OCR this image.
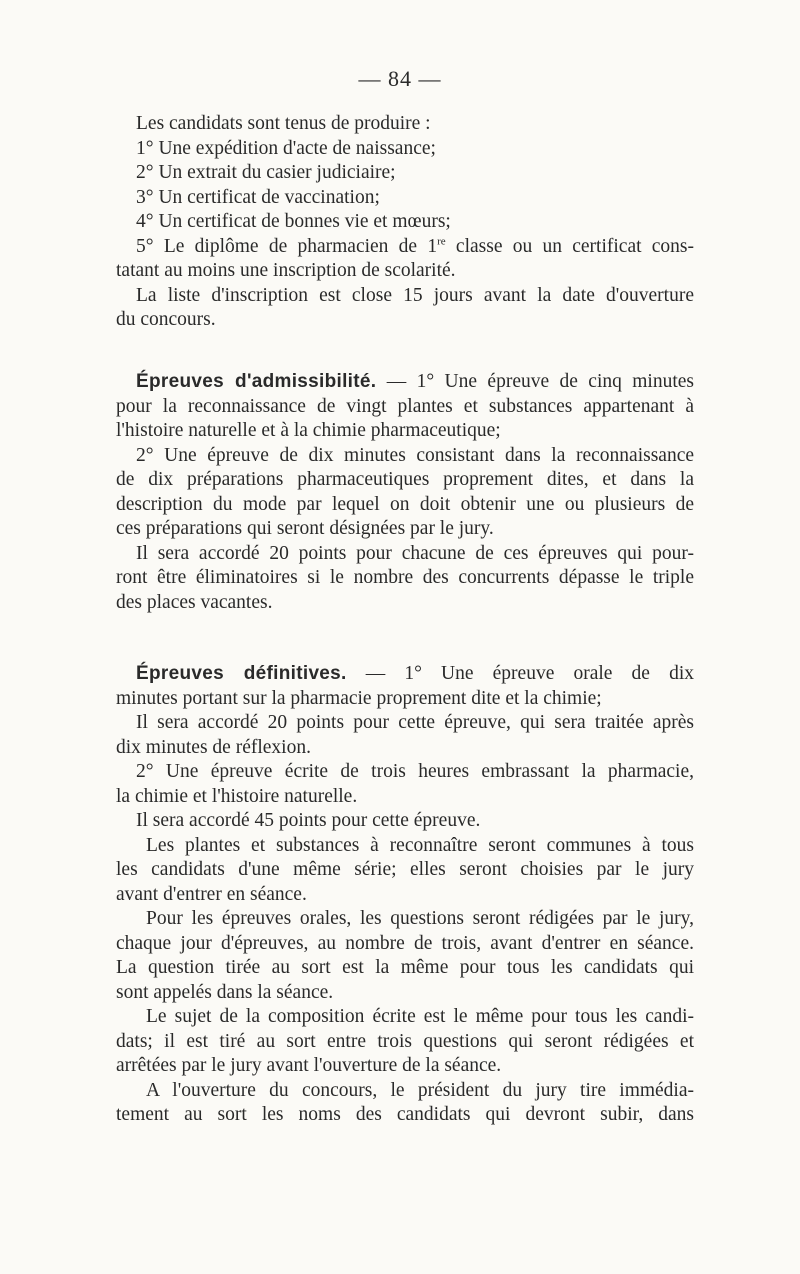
— 84 —
Les candidats sont tenus de produire :
1° Une expédition d'acte de naissance;
2° Un extrait du casier judiciaire;
3° Un certificat de vaccination;
4° Un certificat de bonnes vie et mœurs;
5° Le diplôme de pharmacien de 1re classe ou un certificat cons-
tatant au moins une inscription de scolarité.
La liste d'inscription est close 15 jours avant la date d'ouverture
du concours.
Épreuves d'admissibilité. — 1° Une épreuve de cinq minutes
pour la reconnaissance de vingt plantes et substances appartenant à
l'histoire naturelle et à la chimie pharmaceutique;
2° Une épreuve de dix minutes consistant dans la reconnaissance
de dix préparations pharmaceutiques proprement dites, et dans la
description du mode par lequel on doit obtenir une ou plusieurs de
ces préparations qui seront désignées par le jury.
Il sera accordé 20 points pour chacune de ces épreuves qui pour-
ront être éliminatoires si le nombre des concurrents dépasse le triple
des places vacantes.
Épreuves définitives. — 1° Une épreuve orale de dix
minutes portant sur la pharmacie proprement dite et la chimie;
Il sera accordé 20 points pour cette épreuve, qui sera traitée après
dix minutes de réflexion.
2° Une épreuve écrite de trois heures embrassant la pharmacie,
la chimie et l'histoire naturelle.
Il sera accordé 45 points pour cette épreuve.
Les plantes et substances à reconnaître seront communes à tous
les candidats d'une même série; elles seront choisies par le jury
avant d'entrer en séance.
Pour les épreuves orales, les questions seront rédigées par le jury,
chaque jour d'épreuves, au nombre de trois, avant d'entrer en séance.
La question tirée au sort est la même pour tous les candidats qui
sont appelés dans la séance.
Le sujet de la composition écrite est le même pour tous les candi-
dats; il est tiré au sort entre trois questions qui seront rédigées et
arrêtées par le jury avant l'ouverture de la séance.
A l'ouverture du concours, le président du jury tire immédia-
tement au sort les noms des candidats qui devront subir, dans
